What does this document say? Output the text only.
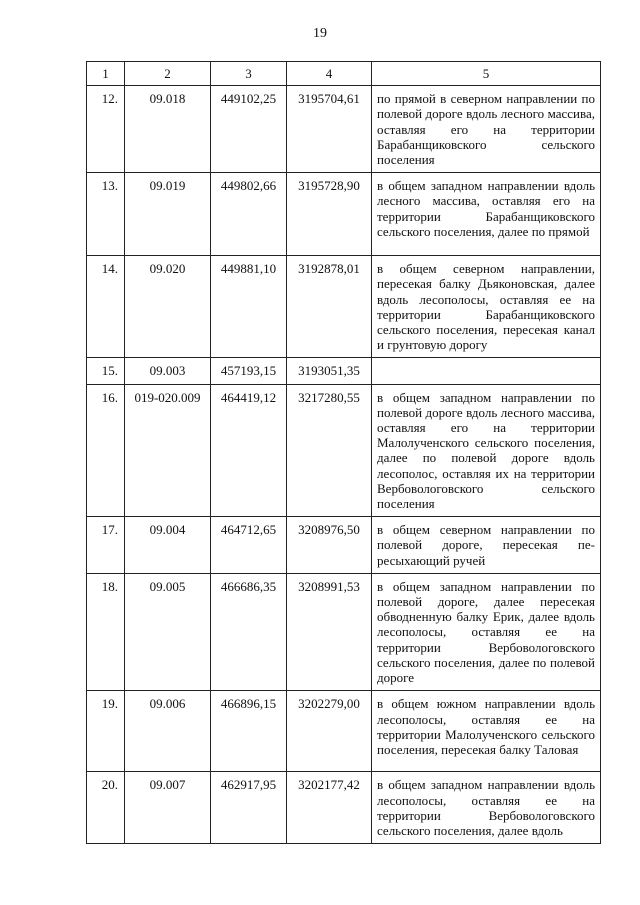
19
1	2	3	4	5
12.	09.018	449102,25	3195704,61	по прямой в северном направлении по полевой дороге вдоль лесного массива, оставляя его на территории Барабанщиковского сельского поселения
13.	09.019	449802,66	3195728,90	в общем западном направлении вдоль лесного массива, оставляя его на территории Барабанщиковского сельского поселения, далее по прямой
14.	09.020	449881,10	3192878,01	в общем северном направлении, пересекая балку Дьяконовская, далее вдоль лесополосы, оставляя ее на территории Барабанщиковского сельского поселения, пересекая канал и грунтовую дорогу
15.	09.003	457193,15	3193051,35	
16.	019-020.009	464419,12	3217280,55	в общем западном направлении по полевой дороге вдоль лесного массива, оставляя его на территории Малолученского сельского поселения, далее по полевой дороге вдоль лесополос, оставляя их на территории Вербовологовского сельского поселения
17.	09.004	464712,65	3208976,50	в общем северном направлении по полевой дороге, пересекая пересыхающий ручей
18.	09.005	466686,35	3208991,53	в общем западном направлении по полевой дороге, далее пересекая обводненную балку Ерик, далее вдоль лесополосы, оставляя ее на территории Вербовологовского сельского поселения, далее по полевой дороге
19.	09.006	466896,15	3202279,00	в общем южном направлении вдоль лесополосы, оставляя ее на территории Малолученского сельского поселения, пересекая балку Таловая
20.	09.007	462917,95	3202177,42	в общем западном направлении вдоль лесополосы, оставляя ее на территории Вербовологовского сельского поселения, далее вдоль
